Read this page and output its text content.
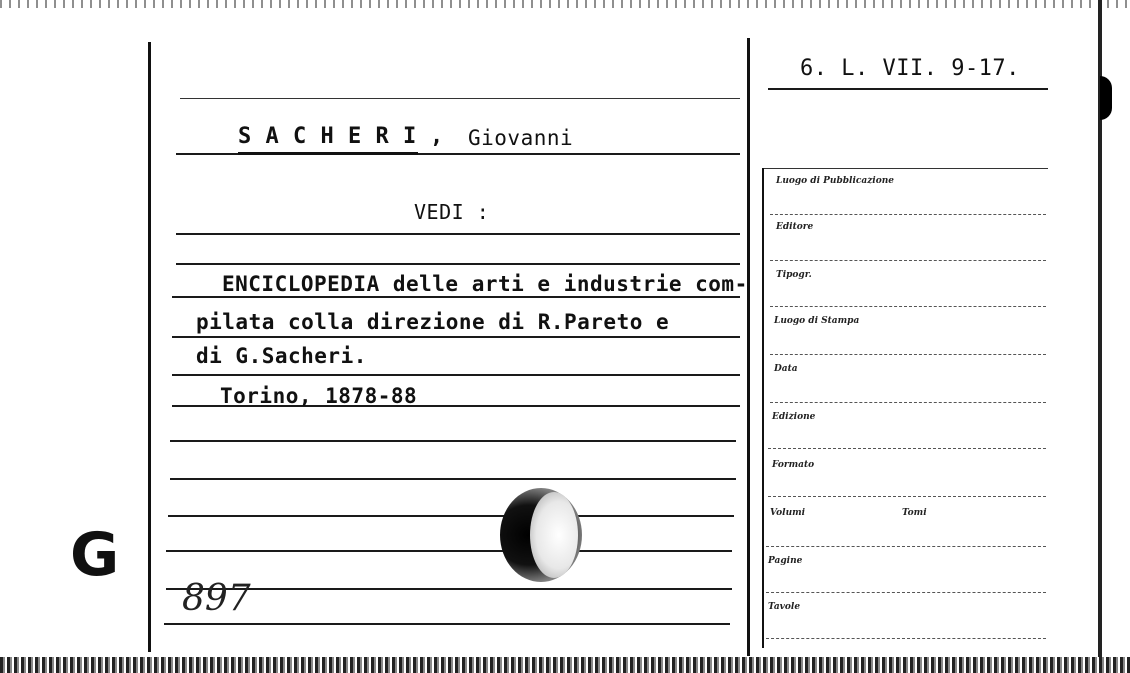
6. L. VII. 9-17.
S A C H E R I , Giovanni
VEDI :
ENCICLOPEDIA delle arti e industrie com-
pilata colla direzione di R.Pareto e
di G.Sacheri.
Torino, 1878-88
G
897
Luogo di Pubblicazione
Editore
Tipogr.
Luogo di Stampa
Data
Edizione
Formato
Volumi	Tomi
Pagine
Tavole
